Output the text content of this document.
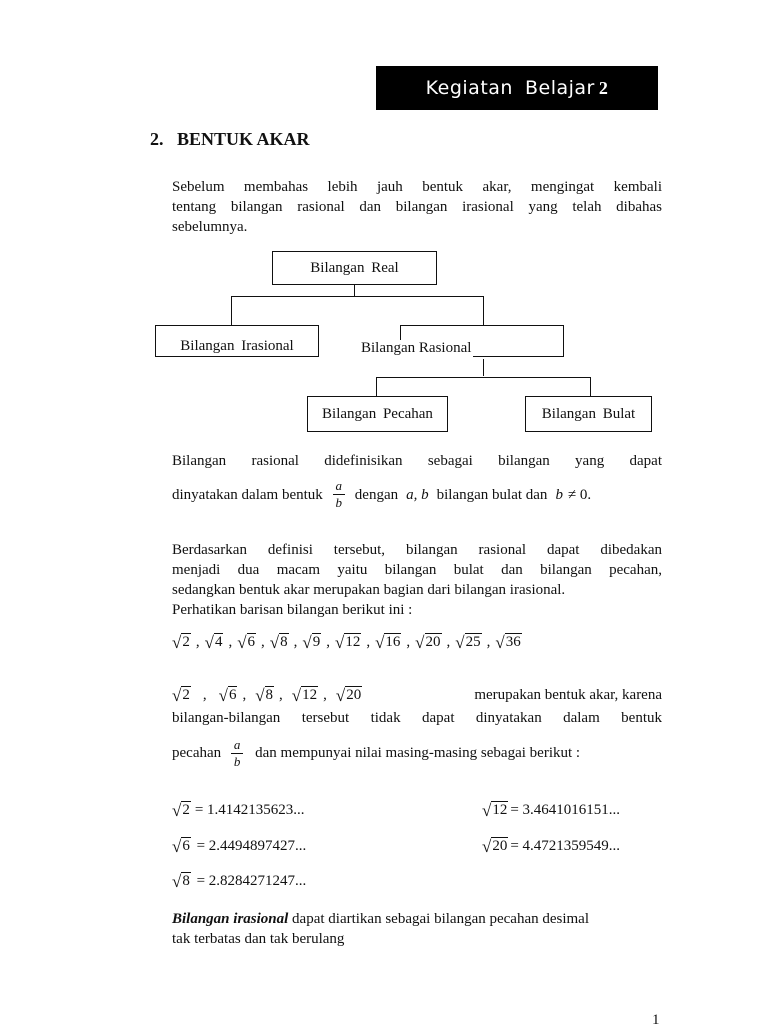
Kegiatan Belajar 2
2. BENTUK AKAR

Sebelum membahas lebih jauh bentuk akar, mengingat kembali

tentang bilangan rasional dan bilangan irasional yang telah dibahas

sebelumnya.

Bilangan Real
Bilangan Irasional	Bilangan Rasional
Bilangan Pecahan	Bilangan Bulat

Bilangan rasional didefinisikan sebagai bilangan yang dapat

dinyatakan dalam bentuk $\frac{a}{b}$ dengan a, b bilangan bulat dan b ≠ 0.

Berdasarkan definisi tersebut, bilangan rasional dapat dibedakan

menjadi dua macam yaitu bilangan bulat dan bilangan pecahan,

sedangkan bentuk akar merupakan bagian dari bilangan irasional.

Perhatikan barisan bilangan berikut ini :

√ 2 , √ 4 , √ 6 , √ 8 , √ 9 , √ 12 , √ 16 , √ 20 , √ 25 , √ 36
√ 2 , √ 6 , √ 8 , √ 12 , √ 20	merupakan bentuk akar, karena

bilangan-bilangan tersebut tidak dapat dinyatakan dalam bentuk

pecahan $\frac{a}{b}$ dan mempunyai nilai masing-masing sebagai berikut :

√ 2 = 1.4142135623...	√ 12 = 3.4641016151...
√ 6 = 2.4494897427...	√ 20 = 4.4721359549...
√ 8 = 2.8284271247...

Bilangan irasional dapat diartikan sebagai bilangan pecahan desimal

tak terbatas dan tak berulang

1
